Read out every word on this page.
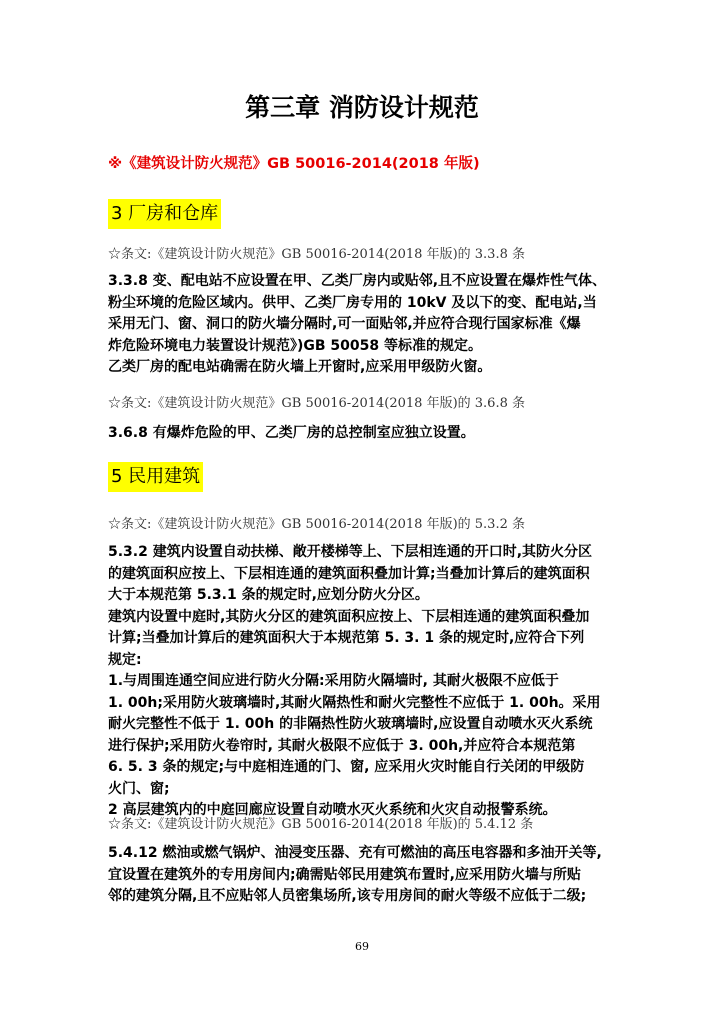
第三章 消防设计规范
※《建筑设计防火规范》GB 50016-2014(2018 年版)
3 厂房和仓库
☆条文:《建筑设计防火规范》GB 50016-2014(2018 年版)的 3.3.8 条
3.3.8 变、配电站不应设置在甲、乙类厂房内或贴邻,且不应设置在爆炸性气体、
粉尘环境的危险区域内。供甲、乙类厂房专用的 10kV 及以下的变、配电站,当
采用无门、窗、洞口的防火墙分隔时,可一面贴邻,并应符合现行国家标准《爆
炸危险环境电力装置设计规范》)GB 50058 等标准的规定。
乙类厂房的配电站确需在防火墙上开窗时,应采用甲级防火窗。
☆条文:《建筑设计防火规范》GB 50016-2014(2018 年版)的 3.6.8 条
3.6.8 有爆炸危险的甲、乙类厂房的总控制室应独立设置。
5 民用建筑
☆条文:《建筑设计防火规范》GB 50016-2014(2018 年版)的 5.3.2 条
5.3.2 建筑内设置自动扶梯、敞开楼梯等上、下层相连通的开口时,其防火分区
的建筑面积应按上、下层相连通的建筑面积叠加计算;当叠加计算后的建筑面积
大于本规范第 5.3.1 条的规定时,应划分防火分区。
建筑内设置中庭时,其防火分区的建筑面积应按上、下层相连通的建筑面积叠加
计算;当叠加计算后的建筑面积大于本规范第 5. 3. 1 条的规定时,应符合下列
规定:
1.与周围连通空间应进行防火分隔:采用防火隔墙时, 其耐火极限不应低于
1. 00h;采用防火玻璃墙时,其耐火隔热性和耐火完整性不应低于 1. 00h。采用
耐火完整性不低于 1. 00h 的非隔热性防火玻璃墙时,应设置自动喷水灭火系统
进行保护;采用防火卷帘时, 其耐火极限不应低于 3. 00h,并应符合本规范第
6. 5. 3 条的规定;与中庭相连通的门、窗, 应采用火灾时能自行关闭的甲级防
火门、窗;
2 高层建筑内的中庭回廊应设置自动喷水灭火系统和火灾自动报警系统。
☆条文:《建筑设计防火规范》GB 50016-2014(2018 年版)的 5.4.12 条
5.4.12 燃油或燃气锅炉、油浸变压器、充有可燃油的高压电容器和多油开关等,
宜设置在建筑外的专用房间内;确需贴邻民用建筑布置时,应采用防火墙与所贴
邻的建筑分隔,且不应贴邻人员密集场所,该专用房间的耐火等级不应低于二级;
69
